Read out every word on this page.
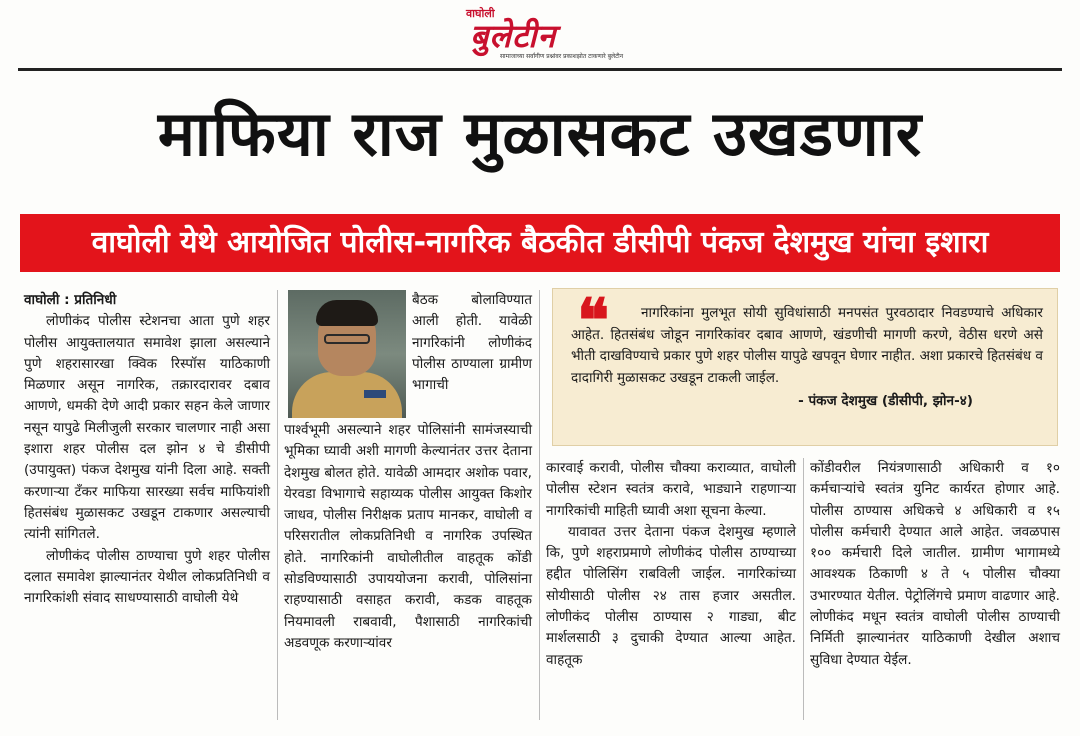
वाघोली
बुलेटीन
सामाजाच्या सर्वांगीण प्रश्नांवर प्रकाशझोत टाकणारे बुलेटीन
माफिया राज मुळासकट उखडणार
वाघोली येथे आयोजित पोलीस-नागरिक बैठकीत डीसीपी पंकज देशमुख यांचा इशारा

वाघोली : प्रतिनिधी

लोणीकंद पोलीस स्टेशनचा आता पुणे शहर पोलीस आयुक्तालयात समावेश झाला असल्याने पुणे शहरासारखा क्विक रिस्पॉस याठिकाणी मिळणार असून नागरिक, तक्रारदारावर दबाव आणणे, धमकी देणे आदी प्रकार सहन केले जाणार नसून यापुढे मिलीजुली सरकार चालणार नाही असा इशारा शहर पोलीस दल झोन ४ चे डीसीपी (उपायुक्त) पंकज देशमुख यांनी दिला आहे. सक्ती करणाऱ्या टँकर माफिया सारख्या सर्वच माफियांशी हितसंबंध मुळासकट उखडून टाकणार असल्याची त्यांनी सांगितले.

लोणीकंद पोलीस ठाण्याचा पुणे शहर पोलीस दलात समावेश झाल्यानंतर येथील लोकप्रतिनिधी व नागरिकांशी संवाद साधण्यासाठी वाघोली येथे

बैठक बोलाविण्यात आली होती. यावेळी नागरिकांनी लोणीकंद पोलीस ठाण्याला ग्रामीण भागाची
पार्श्वभूमी असल्याने शहर पोलिसांनी सामंजस्याची भूमिका घ्यावी अशी मागणी केल्यानंतर उत्तर देताना देशमुख बोलत होते. यावेळी आमदार अशोक पवार, येरवडा विभागाचे सहाय्यक पोलीस आयुक्त किशोर जाधव, पोलीस निरीक्षक प्रताप मानकर, वाघोली व परिसरातील लोकप्रतिनिधी व नागरिक उपस्थित होते. नागरिकांनी वाघोलीतील वाहतूक कोंडी सोडविण्यासाठी उपाययोजना करावी, पोलिसांना राहण्यासाठी वसाहत करावी, कडक वाहतूक नियमावली राबवावी, पैशासाठी नागरिकांची अडवणूक करणाऱ्यांवर
❝	नागरिकांना मुलभूत सोयी सुविधांसाठी मनपसंत पुरवठादार निवडण्याचे अधिकार आहेत. हितसंबंध जोडून नागरिकांवर दबाव आणणे, खंडणीची मागणी करणे, वेठीस धरणे असे भीती दाखविण्याचे प्रकार पुणे शहर पोलीस यापुढे खपवून घेणार नाहीत. अशा प्रकारचे हितसंबंध व दादागिरी मुळासकट उखडून टाकली जाईल.

- पंकज देशमुख (डीसीपी, झोन-४)

कारवाई करावी, पोलीस चौक्या कराव्यात, वाघोली पोलीस स्टेशन स्वतंत्र करावे, भाड्याने राहणाऱ्या नागरिकांची माहिती घ्यावी अशा सूचना केल्या.

यावावत उत्तर देताना पंकज देशमुख म्हणाले कि, पुणे शहराप्रमाणे लोणीकंद पोलीस ठाण्याच्या हद्दीत पोलिसिंग राबविली जाईल. नागरिकांच्या सोयीसाठी पोलीस २४ तास हजार असतील. लोणीकंद पोलीस ठाण्यास २ गाड्या, बीट मार्शलसाठी ३ दुचाकी देण्यात आल्या आहेत. वाहतूक

कोंडीवरील नियंत्रणासाठी अधिकारी व १० कर्मचाऱ्यांचे स्वतंत्र युनिट कार्यरत होणार आहे. पोलीस ठाण्यास अधिकचे ४ अधिकारी व १५ पोलीस कर्मचारी देण्यात आले आहेत. जवळपास १०० कर्मचारी दिले जातील. ग्रामीण भागामध्ये आवश्यक ठिकाणी ४ ते ५ पोलीस चौक्या उभारण्यात येतील. पेट्रोलिंगचे प्रमाण वाढणार आहे. लोणीकंद मधून स्वतंत्र वाघोली पोलीस ठाण्याची निर्मिती झाल्यानंतर याठिकाणी देखील अशाच सुविधा देण्यात येईल.
